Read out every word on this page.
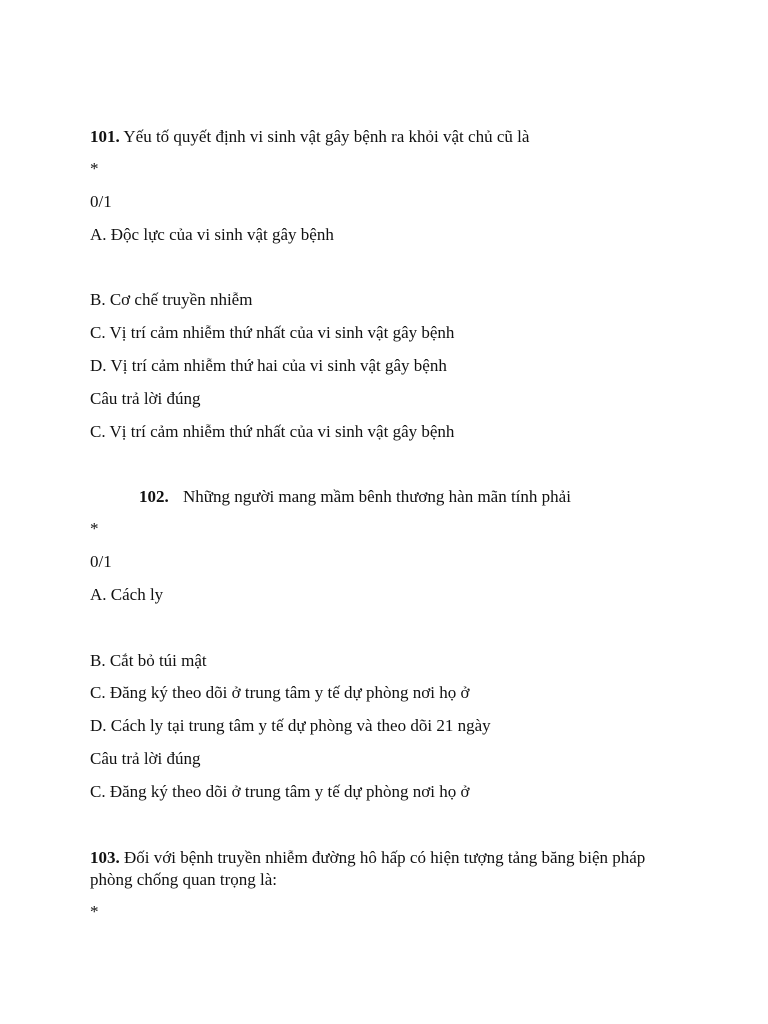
101. Yếu tố quyết định vi sinh vật gây bệnh ra khỏi vật chủ cũ là
*
0/1
A. Độc lực của vi sinh vật gây bệnh
B. Cơ chế truyền nhiễm
C. Vị trí cảm nhiễm thứ nhất của vi sinh vật gây bệnh
D. Vị trí cảm nhiễm thứ hai của vi sinh vật gây bệnh
Câu trả lời đúng
C. Vị trí cảm nhiễm thứ nhất của vi sinh vật gây bệnh
102. Những người mang mầm bênh thương hàn mãn tính phải
*
0/1
A. Cách ly
B. Cắt bỏ túi mật
C. Đăng ký theo dõi ở trung tâm y tế dự phòng nơi họ ở
D. Cách ly tại trung tâm y tế dự phòng và theo dõi 21 ngày
Câu trả lời đúng
C. Đăng ký theo dõi ở trung tâm y tế dự phòng nơi họ ở
103. Đối với bệnh truyền nhiễm đường hô hấp có hiện tượng tảng băng biện pháp phòng chống quan trọng là:
*
